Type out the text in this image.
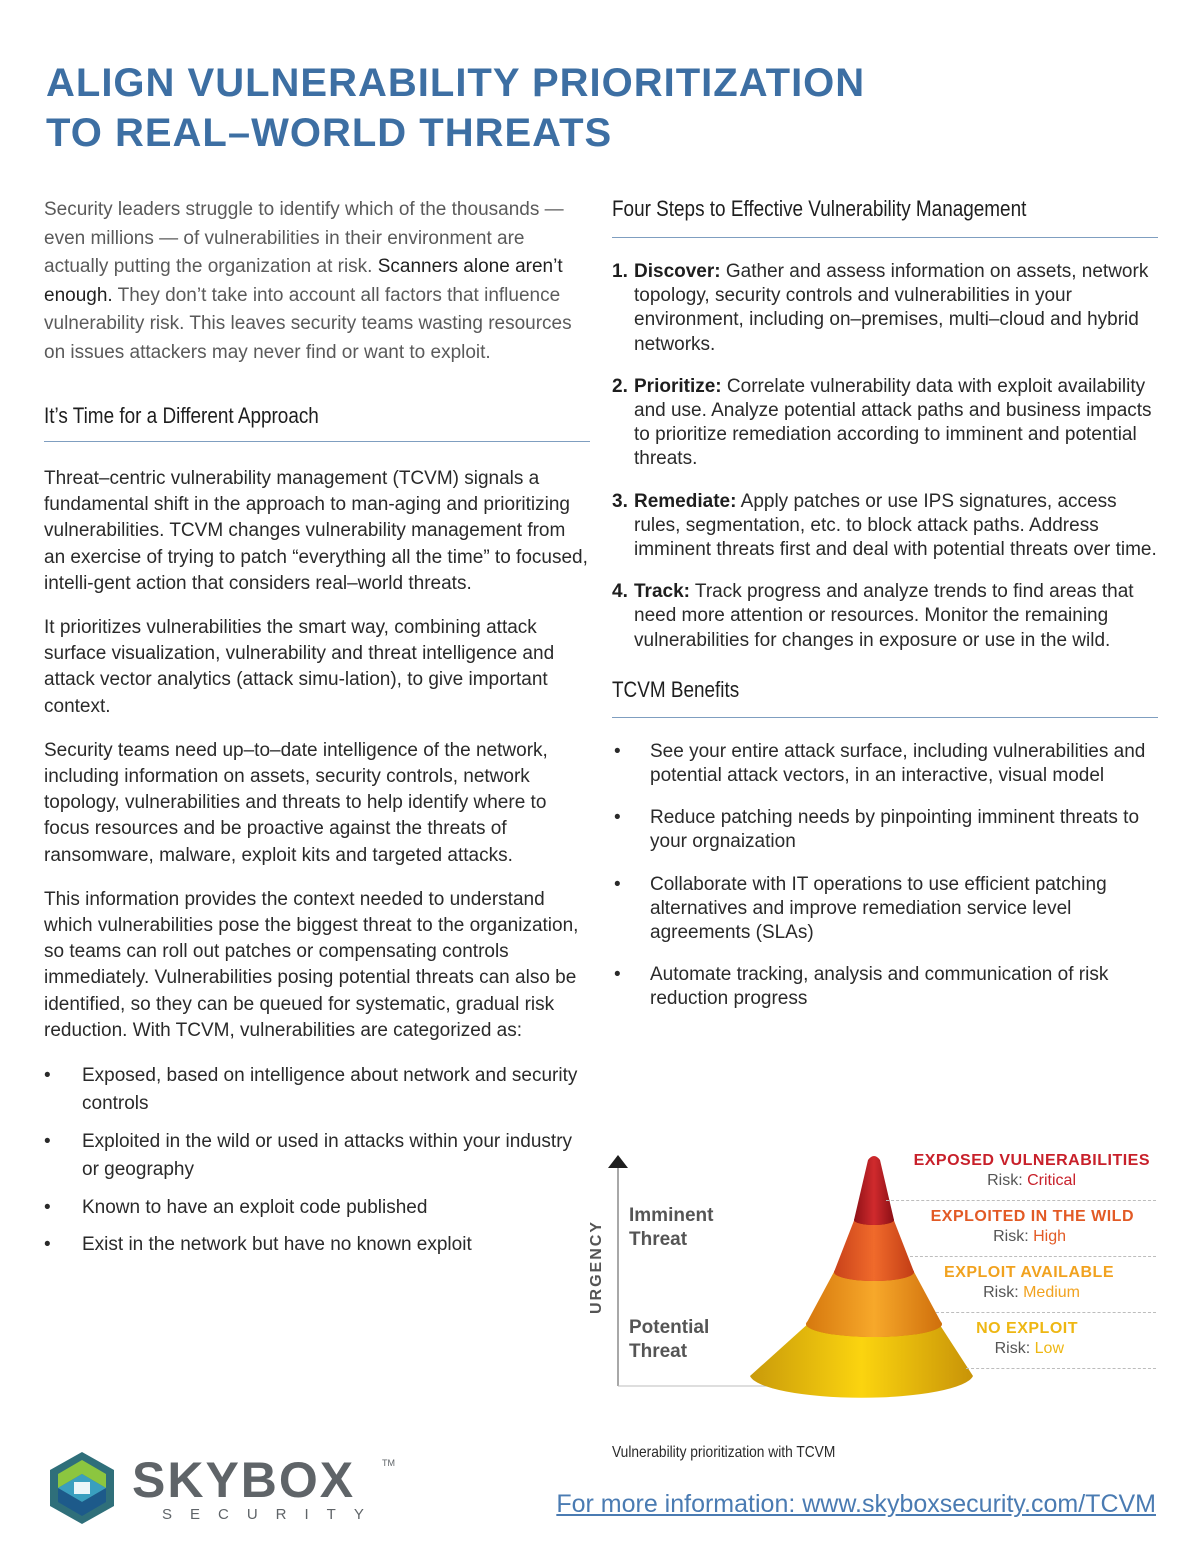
ALIGN VULNERABILITY PRIORITIZATION
TO REAL–WORLD THREATS

Security leaders struggle to identify which of the thousands — even millions — of vulnerabilities in their environment are actually putting the organization at risk. Scanners alone aren’t enough. They don’t take into account all factors that influence vulnerability risk. This leaves security teams wasting resources on issues attackers may never find or want to exploit.

It’s Time for a Different Approach

Threat–centric vulnerability management (TCVM) signals a fundamental shift in the approach to man-aging and prioritizing vulnerabilities. TCVM changes vulnerability management from an exercise of trying to patch “everything all the time” to focused, intelli-gent action that considers real–world threats.

It prioritizes vulnerabilities the smart way, combining attack surface visualization, vulnerability and threat intelligence and attack vector analytics (attack simu-lation), to give important context.

Security teams need up–to–date intelligence of the network, including information on assets, security controls, network topology, vulnerabilities and threats to help identify where to focus resources and be proactive against the threats of ransomware, malware, exploit kits and targeted attacks.

This information provides the context needed to understand which vulnerabilities pose the biggest threat to the organization, so teams can roll out patches or compensating controls immediately. Vulnerabilities posing potential threats can also be identified, so they can be queued for systematic, gradual risk reduction. With TCVM, vulnerabilities are categorized as:

•	Exposed, based on intelligence about network and security controls
•	Exploited in the wild or used in attacks within your industry or geography
•	Known to have an exploit code published
•	Exist in the network but have no known exploit
Four Steps to Effective Vulnerability Management
1. Discover: Gather and assess information on assets, network topology, security controls and vulnerabilities in your environment, including on–premises, multi–cloud and hybrid networks.
2. Prioritize: Correlate vulnerability data with exploit availability and use. Analyze potential attack paths and business impacts to prioritize remediation according to imminent and potential threats.
3. Remediate: Apply patches or use IPS signatures, access rules, segmentation, etc. to block attack paths. Address imminent threats first and deal with potential threats over time.
4. Track: Track progress and analyze trends to find areas that need more attention or resources. Monitor the remaining vulnerabilities for changes in exposure or use in the wild.
TCVM Benefits
•	See your entire attack surface, including vulnerabilities and potential attack vectors, in an interactive, visual model
•	Reduce patching needs by pinpointing imminent threats to your orgnaization
•	Collaborate with IT operations to use efficient patching alternatives and improve remediation service level agreements (SLAs)
•	Automate tracking, analysis and communication of risk reduction progress
URGENCY
Imminent
Threat
Potential
Threat
EXPOSED VULNERABILITIES
Risk: Critical
EXPLOITED IN THE WILD
Risk: High
EXPLOIT AVAILABLE
Risk: Medium
NO EXPLOIT
Risk: Low
Vulnerability prioritization with TCVM
SKYBOX	TM
SECURITY	For more information: www.skyboxsecurity.com/TCVM
